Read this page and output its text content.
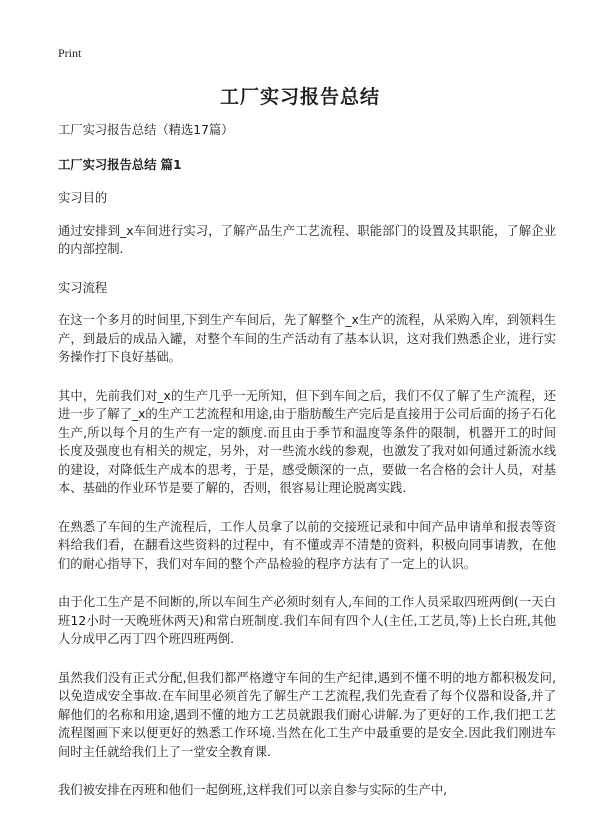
Print
工厂实习报告总结

工厂实习报告总结（精选17篇）

工厂实习报告总结 篇1

实习目的

通过安排到_x车间进行实习，了解产品生产工艺流程、职能部门的设置及其职能，了解企业的内部控制.

实习流程

在这一个多月的时间里,下到生产车间后，先了解整个_x生产的流程，从采购入库，到领料生产，到最后的成品入罐，对整个车间的生产活动有了基本认识，这对我们熟悉企业，进行实务操作打下良好基础。

其中，先前我们对_x的生产几乎一无所知，但下到车间之后，我们不仅了解了生产流程，还进一步了解了_x的生产工艺流程和用途,由于脂肪酸生产完后是直接用于公司后面的扬子石化生产,所以每个月的生产有一定的额度.而且由于季节和温度等条件的限制，机器开工的时间长度及强度也有相关的规定，另外，对一些流水线的参观，也激发了我对如何通过新流水线的建设，对降低生产成本的思考，于是，感受颇深的一点，要做一名合格的会计人员，对基本、基础的作业环节是要了解的，否则，很容易让理论脱离实践.

在熟悉了车间的生产流程后，工作人员拿了以前的交接班记录和中间产品申请单和报表等资料给我们看，在翻看这些资料的过程中，有不懂或弄不清楚的资料，积极向同事请教，在他们的耐心指导下，我们对车间的整个产品检验的程序方法有了一定上的认识。

由于化工生产是不间断的,所以车间生产必须时刻有人,车间的工作人员采取四班两倒(一天白班12小时一天晚班休两天)和常白班制度.我们车间有四个人(主任,工艺员,等)上长白班,其他人分成甲乙丙丁四个班四班两倒.

虽然我们没有正式分配,但我们都严格遵守车间的生产纪律,遇到不懂不明的地方都积极发问,以免造成安全事故.在车间里必须首先了解生产工艺流程,我们先查看了每个仪器和设备,并了解他们的名称和用途,遇到不懂的地方工艺员就跟我们耐心讲解.为了更好的工作,我们把工艺流程图画下来以便更好的熟悉工作环境.当然在化工生产中最重要的是安全.因此我们刚进车间时主任就给我们上了一堂安全教育课.

我们被安排在丙班和他们一起倒班,这样我们可以亲自参与实际的生产中,
